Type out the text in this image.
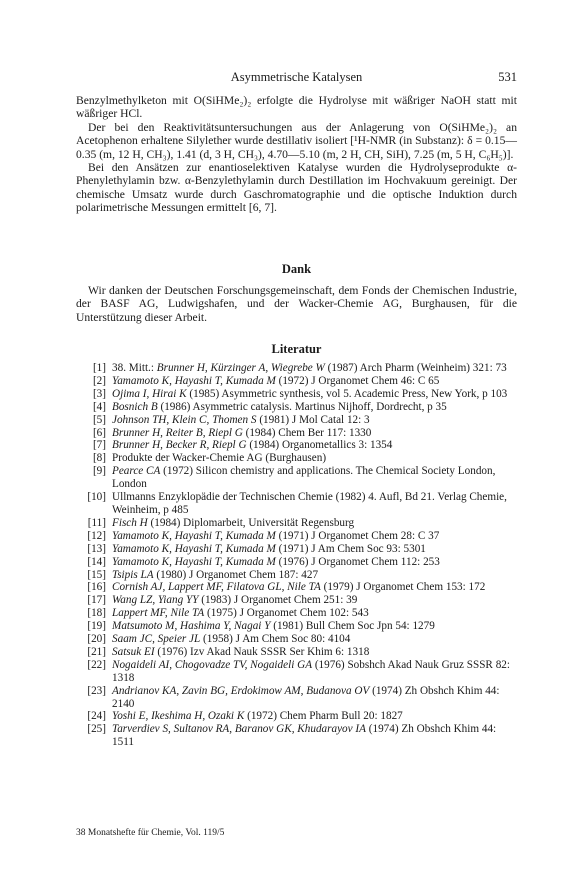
Asymmetrische Katalysen	531

Benzylmethylketon mit O(SiHMe₂)₂ erfolgte die Hydrolyse mit wäßriger NaOH statt mit wäßriger HCl.

Der bei den Reaktivitätsuntersuchungen aus der Anlagerung von O(SiHMe₂)₂ an Acetophenon erhaltene Silylether wurde destillativ isoliert [¹H-NMR (in Substanz): δ = 0.15—0.35 (m, 12 H, CH₃), 1.41 (d, 3 H, CH₃), 4.70—5.10 (m, 2 H, CH, SiH), 7.25 (m, 5 H, C₆H₅)].

Bei den Ansätzen zur enantioselektiven Katalyse wurden die Hydrolyseprodukte α-Phenylethylamin bzw. α-Benzylethylamin durch Destillation im Hochvakuum gereinigt. Der chemische Umsatz wurde durch Gaschromatographie und die optische Induktion durch polarimetrische Messungen ermittelt [6, 7].

Dank

Wir danken der Deutschen Forschungsgemeinschaft, dem Fonds der Chemischen Industrie, der BASF AG, Ludwigshafen, und der Wacker-Chemie AG, Burghausen, für die Unterstützung dieser Arbeit.

Literatur
[1] 38. Mitt.: Brunner H, Kürzinger A, Wiegrebe W (1987) Arch Pharm (Weinheim) 321: 73
[2] Yamamoto K, Hayashi T, Kumada M (1972) J Organomet Chem 46: C 65
[3] Ojima I, Hirai K (1985) Asymmetric synthesis, vol 5. Academic Press, New York, p 103
[4] Bosnich B (1986) Asymmetric catalysis. Martinus Nijhoff, Dordrecht, p 35
[5] Johnson TH, Klein C, Thomen S (1981) J Mol Catal 12: 3
[6] Brunner H, Reiter B, Riepl G (1984) Chem Ber 117: 1330
[7] Brunner H, Becker R, Riepl G (1984) Organometallics 3: 1354
[8] Produkte der Wacker-Chemie AG (Burghausen)
[9] Pearce CA (1972) Silicon chemistry and applications. The Chemical Society London, London
[10] Ullmanns Enzyklopädie der Technischen Chemie (1982) 4. Aufl, Bd 21. Verlag Chemie, Weinheim, p 485
[11] Fisch H (1984) Diplomarbeit, Universität Regensburg
[12] Yamamoto K, Hayashi T, Kumada M (1971) J Organomet Chem 28: C 37
[13] Yamamoto K, Hayashi T, Kumada M (1971) J Am Chem Soc 93: 5301
[14] Yamamoto K, Hayashi T, Kumada M (1976) J Organomet Chem 112: 253
[15] Tsipis LA (1980) J Organomet Chem 187: 427
[16] Cornish AJ, Lappert MF, Filatova GL, Nile TA (1979) J Organomet Chem 153: 172
[17] Wang LZ, Yiang YY (1983) J Organomet Chem 251: 39
[18] Lappert MF, Nile TA (1975) J Organomet Chem 102: 543
[19] Matsumoto M, Hashima Y, Nagai Y (1981) Bull Chem Soc Jpn 54: 1279
[20] Saam JC, Speier JL (1958) J Am Chem Soc 80: 4104
[21] Satsuk EI (1976) Izv Akad Nauk SSSR Ser Khim 6: 1318
[22] Nogaideli AI, Chogovadze TV, Nogaideli GA (1976) Sobshch Akad Nauk Gruz SSSR 82: 1318
[23] Andrianov KA, Zavin BG, Erdokimow AM, Budanova OV (1974) Zh Obshch Khim 44: 2140
[24] Yoshi E, Ikeshima H, Ozaki K (1972) Chem Pharm Bull 20: 1827
[25] Tarverdiev S, Sultanov RA, Baranov GK, Khudarayov IA (1974) Zh Obshch Khim 44: 1511
38 Monatshefte für Chemie, Vol. 119/5
